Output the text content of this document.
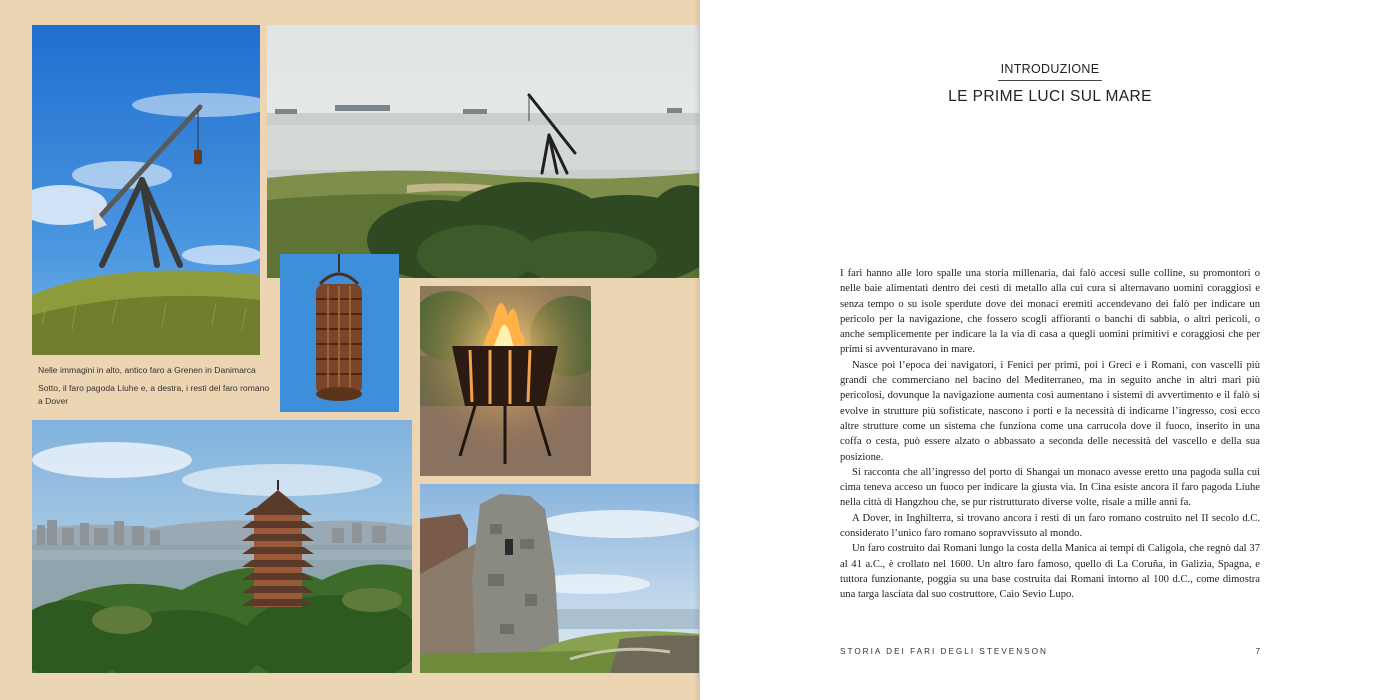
Nelle immagini in alto, antico faro a Grenen in Danimarca

Sotto, il faro pagoda Liuhe e, a destra, i resti del faro romano a Dover

INTRODUZIONE
LE PRIME LUCI SUL MARE

I fari hanno alle loro spalle una storia millenaria, dai falò accesi sulle colline, su promontori o nelle baie alimentati dentro dei cesti di metallo alla cui cura si alternavano uomini coraggiosi e senza tempo o su isole sperdute dove dei monaci eremiti accendevano dei falò per indicare un pericolo per la navigazione, che fossero scogli affioranti o banchi di sabbia, o altri pericoli, o anche semplicemente per indicare la la via di casa a quegli uomini primitivi e coraggiosi che per primi si avventuravano in mare.

Nasce poi l’epoca dei navigatori, i Fenici per primi, poi i Greci e i Romani, con vascelli più grandi che commerciano nel bacino del Mediterraneo, ma in seguito anche in altri mari più pericolosi, dovunque la navigazione aumenta così aumentano i sistemi di avvertimento e il falò si evolve in strutture più sofisticate, nascono i porti e la necessità di indicarne l’ingresso, così ecco altre strutture come un sistema che funziona come una carrucola dove il fuoco, inserito in una coffa o cesta, può essere alzato o abbassato a seconda delle necessità del vascello e della sua posizione.

Si racconta che all’ingresso del porto di Shangai un monaco avesse eretto una pagoda sulla cui cima teneva acceso un fuoco per indicare la giusta via. In Cina esiste ancora il faro pagoda Liuhe nella città di Hangzhou che, se pur ristrutturato diverse volte, risale a mille anni fa.

A Dover, in Inghilterra, si trovano ancora i resti di un faro romano costruito nel II secolo d.C. considerato l’unico faro romano sopravvissuto al mondo.

Un faro costruito dai Romani lungo la costa della Manica ai tempi di Caligola, che regnò dal 37 al 41 a.C., è crollato nel 1600. Un altro faro famoso, quello di La Coruña, in Galizia, Spagna, e tuttora funzionante, poggia su una base costruita dai Romani intorno al 100 d.C., come dimostra una targa lasciata dal suo costruttore, Caio Sevio Lupo.

STORIA DEI FARI DEGLI STEVENSON	7
